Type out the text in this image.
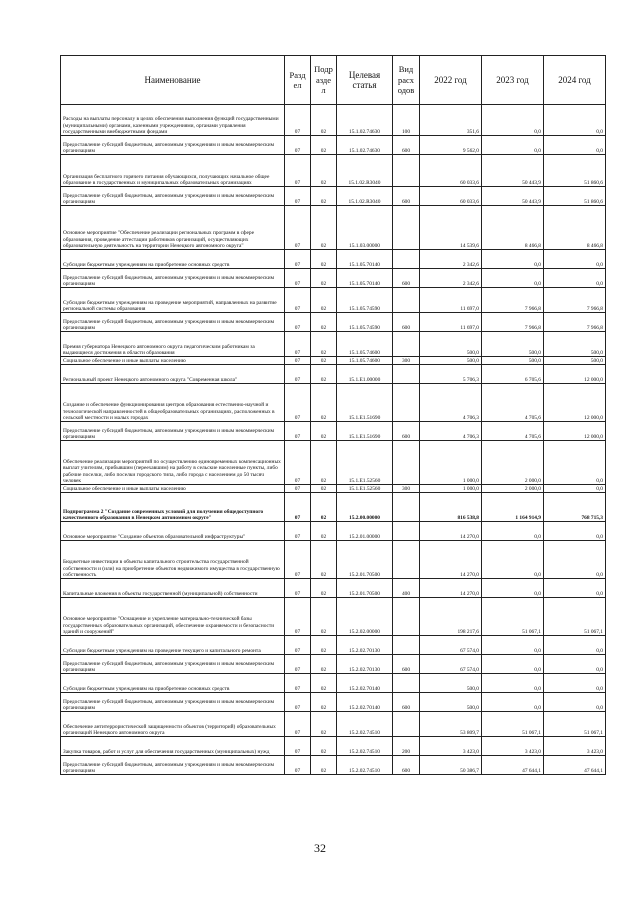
Наименование	Разд ел	Подр азде л	Целевая статья	Вид расх одов	2022 год	2023 год	2024 год
Расходы на выплаты персоналу в целях обеспечения выполнения функций государственными (муниципальными) органами, казенными учреждениями, органами управления государственными внебюджетными фондами	07	02	15.1.02.74630	100	351,6	0,0	0,0
Предоставление субсидий бюджетным, автономным учреждениям и иным некоммерческим организациям	07	02	15.1.02.74630	600	9 562,0	0,0	0,0
Организация бесплатного горячего питания обучающихся, получающих начальное общее образование в государственных и муниципальных образовательных организациях	07	02	15.1.02.R3040		60 033,6	50 443,9	51 860,6
Предоставление субсидий бюджетным, автономным учреждениям и иным некоммерческим организациям	07	02	15.1.02.R3040	600	60 033,6	50 443,9	51 860,6
Основное мероприятие "Обеспечение реализации региональных программ в сфере образования, проведение аттестации работников организаций, осуществляющих образовательную деятельность на территории Ненецкого автономного округа"	07	02	15.1.03.00000		14 539,6	8 466,8	8 466,8
Субсидии бюджетным учреждениям на приобретение основных средств	07	02	15.1.05.70140		2 342,6	0,0	0,0
Предоставление субсидий бюджетным, автономным учреждениям и иным некоммерческим организациям	07	02	15.1.05.70140	600	2 342,6	0,0	0,0
Субсидии бюджетным учреждениям на проведение мероприятий, направленных на развитие региональной системы образования	07	02	15.1.05.74590		11 697,0	7 966,8	7 966,8
Предоставление субсидий бюджетным, автономным учреждениям и иным некоммерческим организациям	07	02	15.1.05.74590	600	11 697,0	7 966,8	7 966,8
Премия губернатора Ненецкого автономного округа педагогическим работникам за выдающиеся достижения в области образования	07	02	15.1.05.74600		500,0	500,0	500,0
Социальное обеспечение и иные выплаты населению	07	02	15.1.05.74600	300	500,0	500,0	500,0
Региональный проект Ненецкого автономного округа "Современная школа"	07	02	15.1.E1.00000		5 706,3	6 705,6	12 000,0
Создание и обеспечение функционирования центров образования естественно-научной и технологической направленностей в общеобразовательных организациях, расположенных в сельской местности и малых городах	07	02	15.1.E1.51690		4 706,3	4 705,6	12 000,0
Предоставление субсидий бюджетным, автономным учреждениям и иным некоммерческим организациям	07	02	15.1.E1.51690	600	4 706,3	4 705,6	12 000,0
Обеспечение реализации мероприятий по осуществлению единовременных компенсационных выплат учителям, прибывшим (переехавшим) на работу в сельские населенные пункты, либо рабочие поселки, либо поселки городского типа, либо города с населением до 50 тысяч человек	07	02	15.1.E1.52560		1 000,0	2 000,0	0,0
Социальное обеспечение и иные выплаты населению	07	02	15.1.E1.52560	300	1 000,0	2 000,0	0,0
Подпрограмма 2 "Создание современных условий для получения общедоступного качественного образования в Ненецком автономном округе"	07	02	15.2.00.00000		816 538,8	1 164 914,9	768 715,3
Основное мероприятие "Создание объектов образовательной инфраструктуры"	07	02	15.2.01.00000		14 270,0	0,0	0,0
Бюджетные инвестиции в объекты капитального строительства государственной собственности и (или) на приобретение объектов недвижимого имущества в государственную собственность	07	02	15.2.01.70500		14 270,0	0,0	0,0
Капитальные вложения в объекты государственной (муниципальной) собственности	07	02	15.2.01.70500	400	14 270,0	0,0	0,0
Основное мероприятие "Оснащение и укрепление материально-технической базы государственных образовательных организаций, обеспечение охраняемости и безопасности зданий и сооружений"	07	02	15.2.02.00000		198 217,6	51 067,1	51 067,1
Субсидии бюджетным учреждениям на проведение текущего и капитального ремонта	07	02	15.2.02.70130		67 574,0	0,0	0,0
Предоставление субсидий бюджетным, автономным учреждениям и иным некоммерческим организациям	07	02	15.2.02.70130	600	67 574,0	0,0	0,0
Субсидии бюджетным учреждениям на приобретение основных средств	07	02	15.2.02.70140		500,0	0,0	0,0
Предоставление субсидий бюджетным, автономным учреждениям и иным некоммерческим организациям	07	02	15.2.02.70140	600	500,0	0,0	0,0
Обеспечение антитеррористической защищенности объектов (территорий) образовательных организаций Ненецкого автономного округа	07	02	15.2.02.74510		53 809,7	51 067,1	51 067,1
Закупка товаров, работ и услуг для обеспечения государственных (муниципальных) нужд	07	02	15.2.02.74510	200	3 423,0	3 423,0	3 423,0
Предоставление субсидий бюджетным, автономным учреждениям и иным некоммерческим организациям	07	02	15.2.02.74510	600	50 386,7	47 644,1	47 644,1
32
